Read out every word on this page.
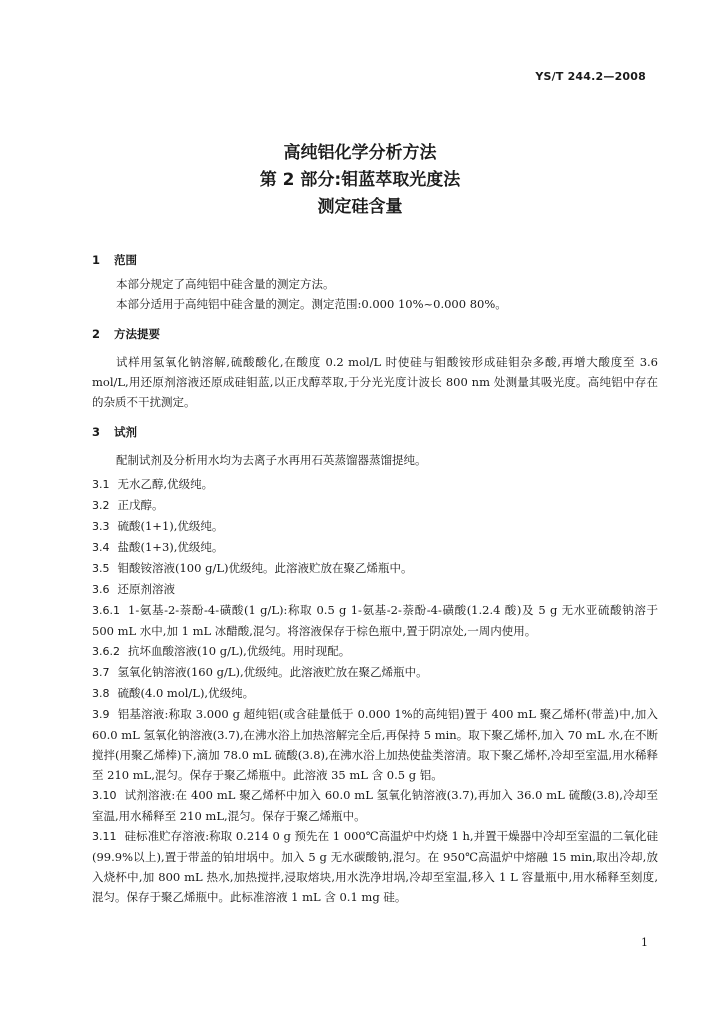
YS/T 244.2—2008
高纯铝化学分析方法
第 2 部分:钼蓝萃取光度法
测定硅含量
1 范围

本部分规定了高纯铝中硅含量的测定方法。

本部分适用于高纯铝中硅含量的测定。测定范围:0.000 10%~0.000 80%。

2 方法提要

试样用氢氧化钠溶解,硫酸酸化,在酸度 0.2 mol/L 时使硅与钼酸铵形成硅钼杂多酸,再增大酸度至 3.6 mol/L,用还原剂溶液还原成硅钼蓝,以正戊醇萃取,于分光光度计波长 800 nm 处测量其吸光度。高纯铝中存在的杂质不干扰测定。

3 试剂

配制试剂及分析用水均为去离子水再用石英蒸馏器蒸馏提纯。

3.1 无水乙醇,优级纯。

3.2 正戊醇。

3.3 硫酸(1+1),优级纯。

3.4 盐酸(1+3),优级纯。

3.5 钼酸铵溶液(100 g/L)优级纯。此溶液贮放在聚乙烯瓶中。

3.6 还原剂溶液

3.6.1 1-氨基-2-萘酚-4-磺酸(1 g/L):称取 0.5 g 1-氨基-2-萘酚-4-磺酸(1.2.4 酸)及 5 g 无水亚硫酸钠溶于 500 mL 水中,加 1 mL 冰醋酸,混匀。将溶液保存于棕色瓶中,置于阴凉处,一周内使用。

3.6.2 抗坏血酸溶液(10 g/L),优级纯。用时现配。

3.7 氢氧化钠溶液(160 g/L),优级纯。此溶液贮放在聚乙烯瓶中。

3.8 硫酸(4.0 mol/L),优级纯。

3.9 铝基溶液:称取 3.000 g 超纯铝(或含硅量低于 0.000 1%的高纯铝)置于 400 mL 聚乙烯杯(带盖)中,加入 60.0 mL 氢氧化钠溶液(3.7),在沸水浴上加热溶解完全后,再保持 5 min。取下聚乙烯杯,加入 70 mL 水,在不断搅拌(用聚乙烯棒)下,滴加 78.0 mL 硫酸(3.8),在沸水浴上加热使盐类溶清。取下聚乙烯杯,冷却至室温,用水稀释至 210 mL,混匀。保存于聚乙烯瓶中。此溶液 35 mL 含 0.5 g 铝。

3.10 试剂溶液:在 400 mL 聚乙烯杯中加入 60.0 mL 氢氧化钠溶液(3.7),再加入 36.0 mL 硫酸(3.8),冷却至室温,用水稀释至 210 mL,混匀。保存于聚乙烯瓶中。

3.11 硅标准贮存溶液:称取 0.214 0 g 预先在 1 000℃高温炉中灼烧 1 h,并置干燥器中冷却至室温的二氧化硅(99.9%以上),置于带盖的铂坩埚中。加入 5 g 无水碳酸钠,混匀。在 950℃高温炉中熔融 15 min,取出冷却,放入烧杯中,加 800 mL 热水,加热搅拌,浸取熔块,用水洗净坩埚,冷却至室温,移入 1 L 容量瓶中,用水稀释至刻度,混匀。保存于聚乙烯瓶中。此标准溶液 1 mL 含 0.1 mg 硅。

1
